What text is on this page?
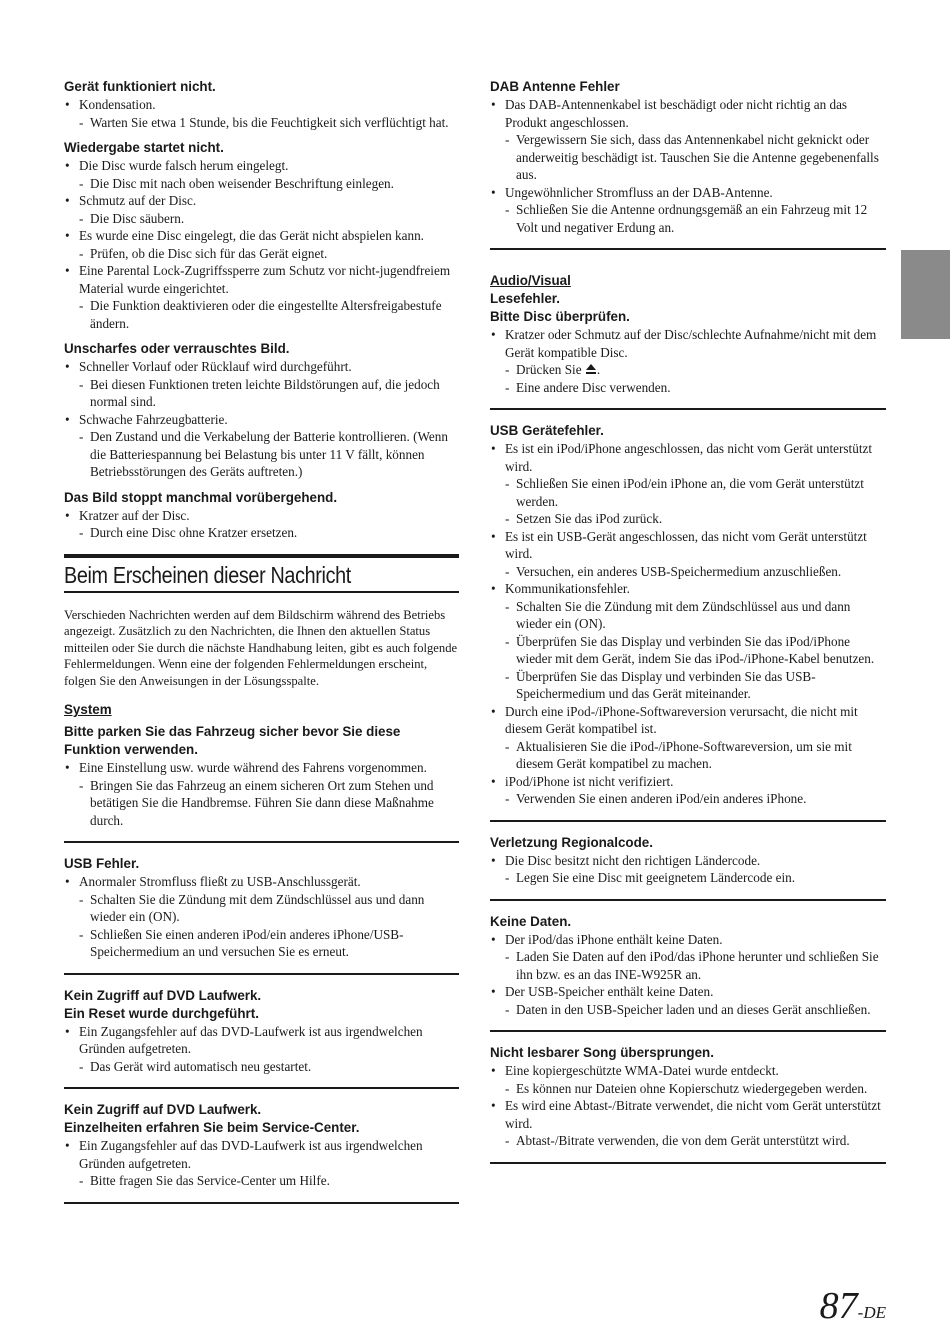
Gerät funktioniert nicht.

• Kondensation.
- Warten Sie etwa 1 Stunde, bis die Feuchtigkeit sich verflüchtigt hat.

Wiedergabe startet nicht.

• Die Disc wurde falsch herum eingelegt.
- Die Disc mit nach oben weisender Beschriftung einlegen.
• Schmutz auf der Disc.
- Die Disc säubern.
• Es wurde eine Disc eingelegt, die das Gerät nicht abspielen kann.
- Prüfen, ob die Disc sich für das Gerät eignet.
• Eine Parental Lock-Zugriffssperre zum Schutz vor nicht-jugendfreiem Material wurde eingerichtet.
- Die Funktion deaktivieren oder die eingestellte Altersfreigabestufe ändern.

Unscharfes oder verrauschtes Bild.

• Schneller Vorlauf oder Rücklauf wird durchgeführt.
- Bei diesen Funktionen treten leichte Bildstörungen auf, die jedoch normal sind.
• Schwache Fahrzeugbatterie.
- Den Zustand und die Verkabelung der Batterie kontrollieren. (Wenn die Batteriespannung bei Belastung bis unter 11 V fällt, können Betriebsstörungen des Geräts auftreten.)

Das Bild stoppt manchmal vorübergehend.

• Kratzer auf der Disc.
- Durch eine Disc ohne Kratzer ersetzen.
Beim Erscheinen dieser Nachricht

Verschieden Nachrichten werden auf dem Bildschirm während des Betriebs angezeigt. Zusätzlich zu den Nachrichten, die Ihnen den aktuellen Status mitteilen oder Sie durch die nächste Handhabung leiten, gibt es auch folgende Fehlermeldungen. Wenn eine der folgenden Fehlermeldungen erscheint, folgen Sie den Anweisungen in der Lösungsspalte.

System

Bitte parken Sie das Fahrzeug sicher bevor Sie diese Funktion verwenden.

• Eine Einstellung usw. wurde während des Fahrens vorgenommen.
- Bringen Sie das Fahrzeug an einem sicheren Ort zum Stehen und betätigen Sie die Handbremse. Führen Sie dann diese Maßnahme durch.

USB Fehler.

• Anormaler Stromfluss fließt zu USB-Anschlussgerät.
- Schalten Sie die Zündung mit dem Zündschlüssel aus und dann wieder ein (ON).
- Schließen Sie einen anderen iPod/ein anderes iPhone/USB-Speichermedium an und versuchen Sie es erneut.

Kein Zugriff auf DVD Laufwerk.
Ein Reset wurde durchgeführt.

• Ein Zugangsfehler auf das DVD-Laufwerk ist aus irgendwelchen Gründen aufgetreten.
- Das Gerät wird automatisch neu gestartet.

Kein Zugriff auf DVD Laufwerk.
Einzelheiten erfahren Sie beim Service-Center.

• Ein Zugangsfehler auf das DVD-Laufwerk ist aus irgendwelchen Gründen aufgetreten.
- Bitte fragen Sie das Service-Center um Hilfe.

DAB Antenne Fehler

• Das DAB-Antennenkabel ist beschädigt oder nicht richtig an das Produkt angeschlossen.
- Vergewissern Sie sich, dass das Antennenkabel nicht geknickt oder anderweitig beschädigt ist. Tauschen Sie die Antenne gegebenenfalls aus.
• Ungewöhnlicher Stromfluss an der DAB-Antenne.
- Schließen Sie die Antenne ordnungsgemäß an ein Fahrzeug mit 12 Volt und negativer Erdung an.

Audio/Visual

Lesefehler.
Bitte Disc überprüfen.

• Kratzer oder Schmutz auf der Disc/schlechte Aufnahme/nicht mit dem Gerät kompatible Disc.
- Drücken Sie .
- Eine andere Disc verwenden.

USB Gerätefehler.

• Es ist ein iPod/iPhone angeschlossen, das nicht vom Gerät unterstützt wird.
- Schließen Sie einen iPod/ein iPhone an, die vom Gerät unterstützt werden.
- Setzen Sie das iPod zurück.
• Es ist ein USB-Gerät angeschlossen, das nicht vom Gerät unterstützt wird.
- Versuchen, ein anderes USB-Speichermedium anzuschließen.
• Kommunikationsfehler.
- Schalten Sie die Zündung mit dem Zündschlüssel aus und dann wieder ein (ON).
- Überprüfen Sie das Display und verbinden Sie das iPod/iPhone wieder mit dem Gerät, indem Sie das iPod-/iPhone-Kabel benutzen.
- Überprüfen Sie das Display und verbinden Sie das USB-Speichermedium und das Gerät miteinander.
• Durch eine iPod-/iPhone-Softwareversion verursacht, die nicht mit diesem Gerät kompatibel ist.
- Aktualisieren Sie die iPod-/iPhone-Softwareversion, um sie mit diesem Gerät kompatibel zu machen.
• iPod/iPhone ist nicht verifiziert.
- Verwenden Sie einen anderen iPod/ein anderes iPhone.

Verletzung Regionalcode.

• Die Disc besitzt nicht den richtigen Ländercode.
- Legen Sie eine Disc mit geeignetem Ländercode ein.

Keine Daten.

• Der iPod/das iPhone enthält keine Daten.
- Laden Sie Daten auf den iPod/das iPhone herunter und schließen Sie ihn bzw. es an das INE-W925R an.
• Der USB-Speicher enthält keine Daten.
- Daten in den USB-Speicher laden und an dieses Gerät anschließen.

Nicht lesbarer Song übersprungen.

• Eine kopiergeschützte WMA-Datei wurde entdeckt.
- Es können nur Dateien ohne Kopierschutz wiedergegeben werden.
• Es wird eine Abtast-/Bitrate verwendet, die nicht vom Gerät unterstützt wird.
- Abtast-/Bitrate verwenden, die von dem Gerät unterstützt wird.
87-DE
